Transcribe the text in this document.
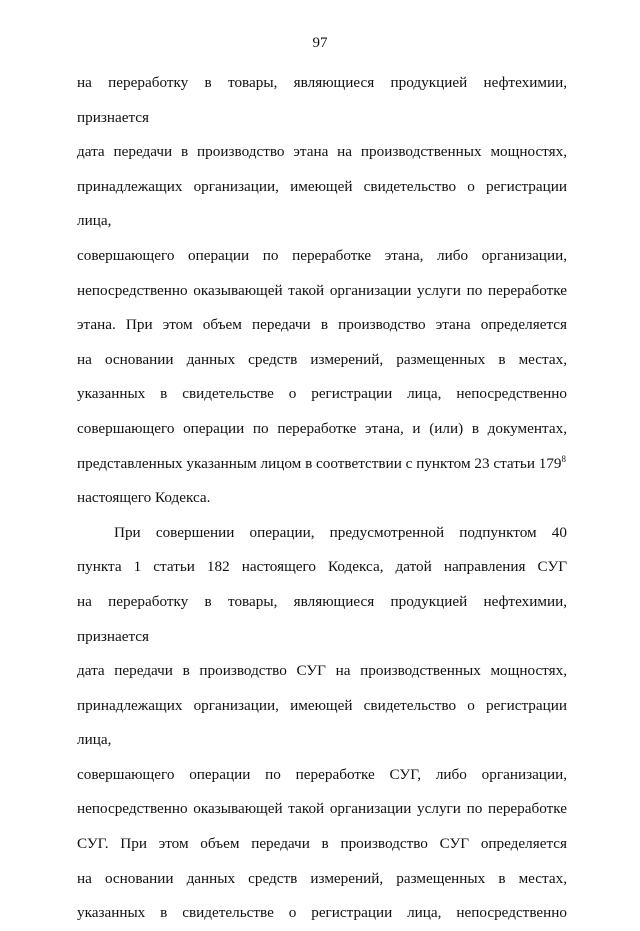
97
на переработку в товары, являющиеся продукцией нефтехимии, признается
дата передачи в производство этана на производственных мощностях,
принадлежащих организации, имеющей свидетельство о регистрации лица,
совершающего операции по переработке этана, либо организации,
непосредственно оказывающей такой организации услуги по переработке
этана. При этом объем передачи в производство этана определяется
на основании данных средств измерений, размещенных в местах,
указанных в свидетельстве о регистрации лица, непосредственно
совершающего операции по переработке этана, и (или) в документах,
представленных указанным лицом в соответствии с пунктом 23 статьи $179^8$
настоящего Кодекса.
При совершении операции, предусмотренной подпунктом 40
пункта 1 статьи 182 настоящего Кодекса, датой направления СУГ
на переработку в товары, являющиеся продукцией нефтехимии, признается
дата передачи в производство СУГ на производственных мощностях,
принадлежащих организации, имеющей свидетельство о регистрации лица,
совершающего операции по переработке СУГ, либо организации,
непосредственно оказывающей такой организации услуги по переработке
СУГ. При этом объем передачи в производство СУГ определяется
на основании данных средств измерений, размещенных в местах,
указанных в свидетельстве о регистрации лица, непосредственно
